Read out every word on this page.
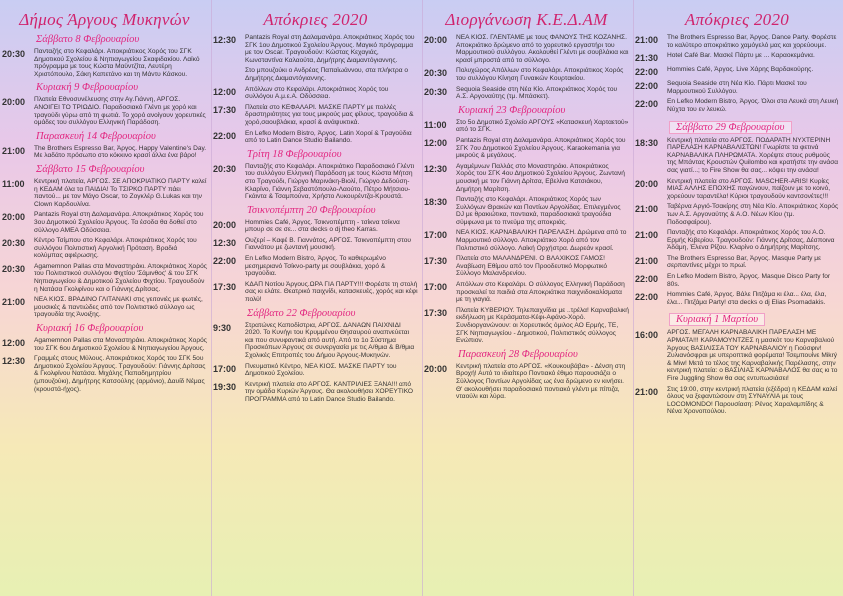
Δήμος Άργους Μυκηνών
Σάββατο 8 Φεβρουαρίου
20:30	Πανταζής στο Κεφαλάρι. Αποκριάτικος Χορός του ΣΓΚ Δημοτικού Σχολείου & Νηπιαγωγείου Σκαφιδακίου. Λαϊκό πρόγραμμα με τους Κώστα Μαϋντζίτα, Λευτέρη Χριστόπουλο, Σάκη Καπετάνο και τη Μάντυ Κάσκου.
Κυριακή 9 Φεβρουαρίου
20:00	Πλατεία Εθνοσυνέλευσης στην Αγ.Γιάννη, ΑΡΓΟΣ. ΑΝΟΙΓΕΙ ΤΟ ΤΡΙΩΔΙΟ. Παραδοσιακό Γλέντι με χορό και τραγούδι γύρω από τη φωτιά. Το χορό ανοίγουν χορευτικές ομάδες του συλλόγου Ελληνική Παράδοση.
Παρασκευή 14 Φεβρουαρίου
21:00	The Brothers Espresso Bar, Άργος. Happy Valentine's Day. Με λαδάτο πρόσωπο στο κόκκινο κρασί άλλα ένα βάρο!
Σάββατο 15 Φεβρουαρίου
11:00	Κεντρική πλατεία, ΑΡΓΟΣ. ΣΕ ΑΠΟΚΡΙΑΤΙΚΟ ΠΑΡΤΥ καλεί η ΚΕΔΑΜ όλα τα ΠΑΙΔΙΑ! Το ΤΣΙΡΚΟ ΠΑΡΤΥ πάει παντού... με τον Μάγο Oscar, το Ζογκλέρ G.Lukas και την Clown Καρδουλίνα.
20:00	Pantazis Royal στη Δαλαμανάρα. Αποκριάτικος Χορός του 3ου Δημοτικού Σχολείου Άργους. Τα έσοδα θα δοθεί στο σύλλογο ΑΜΕΑ Οδύσσεια.
20:30	Κέντρο Τσίμπου στο Κεφαλάρι. Αποκριάτικος Χορός του συλλόγου Πολιτιστική Αργολική Πρόταση. Βραδιά κολύμπας αφιέρωσης.
20:30	Agamemnon Pallas στα Μοναστηράκι. Αποκριάτικος Χορός του Πολιτιστικού συλλόγου Φιχτίου 'Σάμινθος' & του ΣΓΚ Νηπιαγωγείου & Δημοτικού Σχολείου Φιχτίου. Τραγουδούν η Νατάσα Γκολφίνου και ο Γιάννης Δρίτσας.
21:00	ΝΕΑ ΚΙΟΣ. ΒΡΑΔΙΝΟ ΓΛΙΤΑΝΑΚΙ στις γειτονιές με φωτιές, μουσικές & παντιώδες από τον Πολιτιστικό σύλλογο ως τραγουδία της Άνοιξης.
Κυριακή 16 Φεβρουαρίου
12:00	Agamemnon Pallas στα Μοναστηράκι. Αποκριάτικος Χορός του ΣΓΚ 6ου Δημοτικού Σχολείου & Νηπιαγωγείου Άργους.
12:30	Γραμμές στους Μύλους. Αποκριάτικος Χορός του ΣΓΚ 5ου Δημοτικού Σχολείου Άργους. Τραγουδούν: Γιάννης Δρίτσας & Γκολφίνου Νατάσα. Μιχάλης Παπαδημητρίου (μπουζούκι), Δημήτρης Κατσούλης (αρμόνιο), Δαυίδ Νέμας (κρουστά-ήχος).
Απόκριες 2020
12:30	Pantazis Royal στη Δαλαμανάρα. Αποκριάτικος Χορός του ΣΓΚ 1ου Δημοτικού Σχολείου Άργους. Μαγικό πρόγραμμα με τον Oscar. Τραγουδούν: Κώστας Κεχαγιάς, Κωνσταντίνα Καλαούτα, Δημήτρης Διαμαντόγιαννης.
Στο μπουζούκι ο Ανδρέας Παπαϊωάννου, στα πλήκτρα ο Δημήτρης Διαμαντόγιαννης.
12:00	Απόλλων στο Κεφαλάρι. Αποκριάτικος Χορός του συλλόγου Α.μ.ε.Α. Οδύσσεια.
17:30	Πλατεία στο ΚΕΦΑΛΑΡΙ. ΜΑΣΚΕ ΠΑΡΤΥ με πολλές δραστηριότητες για τους μικρούς μας φίλους, τραγούδια & χορό,σαουβλάκια, κρασί & ανάψυκτικά.
22:00	En Lefko Modern Bistro, Άργος. Latin Χοροί & Τραγούδια από το Latin Dance Studio Bailando.
Τρίτη 18 Φεβρουαρίου
20:30	Πανταζής στο Κεφαλάρι. Αποκριάτικο Παραδοσιακό Γλέντι του συλλόγου Ελληνική Παράδοση με τους Κώστα Μήτση στο Τραγούδι, Γιώργο Μαρινάκη-Βιολί, Γιώργο Δεδούση-Κλαρίνο, Γιάννη Σεβαστόπουλο-Λαούτο, Πέτρο Μήτσιου-Γκάιντα & Τσαμπούνα, Χρήστο Λυκουρέντζα-Κρουστά.
Τσικνοπέμπτη 20 Φεβρουαρίου
20:00	Hommies Café, Άργος. Τσικνοπέμπτη - τσίκνα τσίκνα μπουρ σε σε σε... στα decks ο dj theo Karras.
12:30	Ουζερί – Καφέ Β. Γιαννάτος, ΑΡΓΟΣ. Τσικνοπέμπτη στου Γιαννάτου με ζωντανή μουσική.
22:00	En Lefko Modern Bistro, Άργος. Το καθιερωμένο μεσημεριανό Τσίκνο-party με σουβλάκια, χορό & τραγούδια.
17:30	ΚΔΑΠ Νοτίου Άργους.ΩΡΑ ΓΙΑ ΠΑΡΤΥ!!! Φορέστε τη στολή σας κι ελάτε. Θεατρικό παιχνίδι, κατασκευές, χορός και κέφι πολύ!
Σάββατο 22 Φεβρουαρίου
9:30	Στρατώνες Καποδίστρια, ΑΡΓΟΣ. ΔΑΝΑΩΝ ΠΑΙΧΝΙΔΙ 2020. Το Κυνήγι του Κρυμμένου Θησαυρού αναπνεύεται και που συνυφαντικά από αυτή. Από το 1ο Σύστημα Προσκόπων Άργους σε συνεργασία με τις Α/θμια & Β/θμια Σχολικές Επιτροπές του Δήμου Άργους-Μυκηνών.
17:00	Πνευματικό Κέντρο, ΝΕΑ ΚΙΟΣ. ΜΑΣΚΕ ΠΑΡΤΥ του Δημοτικού Σχολείου.
19:30	Κεντρική πλατεία στο ΑΡΓΟΣ. ΚΑΝΤΡΙΛΙΕΣ ΞΑΝΑ!!! από την ομάδα Κυριών Άργους. Θα ακολουθήσει ΧΟΡΕΥΤΙΚΟ ΠΡΟΓΡΑΜΜΑ από το Latin Dance Studio Bailando.
Διοργάνωση Κ.Ε.Δ.ΑΜ
20:00	ΝΕΑ ΚΙΟΣ. ΓΛΕΝΤΑΜΕ με τους ΦΑΝΟΥΣ ΤΗΣ ΚΟΖΑΝΗΣ. Αποκριάτικο δρώμενο από το χορευτικό εργαστήρι του Μαρμουτικού συλλόγου. Ακολουθεί Γλέντι με σουβλάκια και κρασί μπροστά από το σύλλογο.
20:30	Πολυχώρος Απόλλων στο Κεφαλάρι. Αποκριάτικος Χορός του συλλόγου Κίνηση Γυναικών Κουρτακίου.
20:30	Sequoia Seaside στη Νέα Κίο. Αποκριάτικος Χορός του Α.Σ. Αργοναύτης (τμ. Μπάσκετ).
Κυριακή 23 Φεβρουαρίου
11:00	Στο 5ο Δημοτικό Σχολείο ΑΡΓΟΥΣ «Κατασκευή Χαρταετού» από το ΣΓΚ.
12:00	Pantazis Royal στη Δαλαμανάρα. Αποκριάτικος Χορός του ΣΓΚ 7ου Δημοτικού Σχολείου Άργους. Karaokemania για μικρούς & μεγάλους.
12:30	Αγαμέμνων Παλλάς στο Μοναστηράκι. Αποκριάτικος Χορός του ΣΓΚ 4ου Δημοτικού Σχολείου Άργους. Ζωντανή μουσική με τον Γιάννη Δρίτσα, Εβελίνα Κατσιάκου, Δημήτρη Μαρίτση.
18:30	Πανταζής στο Κεφαλάρι. Αποκριάτικος Χορός των Συλλόγων Θρακών και Ποντίων Αργολίδας. Επιλεγμένος DJ με θρακιώτικα, ποντιακά, παραδοσιακά τραγούδια σύμφωνα με το πνεύμα της αποκριάς.
17:00	ΝΕΑ ΚΙΟΣ. ΚΑΡΝΑΒΑΛΙΚΗ ΠΑΡΕΛΑΣΗ. Δρώμενα από το Μαρμουτικό σύλλογο. Αποκριάτικο Χορό από τον Πολιτιστικό σύλλογο. Λαϊκή Ορχήστρα. Δωρεάν κρασί.
17:30	Πλατεία στο ΜΑΛΑΝΔΡΕΝΙ. Ο ΒΛΑΧΙΚΟΣ ΓΑΜΟΣ! Αναβίωση Εθίμου από τον Προοδευτικό Μορφωτικό Σύλλογο Μαλανδρενίου.
17:00	Απόλλων στο Κεφαλάρι. Ο σύλλογος Ελληνική Παράδοση προσκαλεί τα παιδιά στα Αποκριάτικα παιχνιδοκαλίσματα με τη γιαγιά.
17:30	Πλατεία ΚΥΒΕΡΙΟΥ. Τηλεπαιχνίδια με ..τρέλα! Καρναβαλική εκδήλωση με Κεράσματα-Κέφι-Αφάνο-Χορό. Συνδιοργανώνουν: οι Χορευτικός όμιλος ΑΟ Ερμής, ΤΕ, ΣΓΚ Νηπιαγωγείου - Δημοτικού, Πολιτιστικός σύλλογος Ενώπιον.
Παρασκευή 28 Φεβρουαρίου
20:00	Κεντρική πλατεία στο ΑΡΓΟΣ. «Κουκουβάβα» - Δένση στη Βροχή! Αυτό το ιδιαίτερο Ποντιακό έθιμο παρουσιάζει ο Σύλλογος Ποντίων Αργολίδας ως ένα δρώμενο εν κινήσει. Θ' ακολουθήσει παραδοσιακό ποντιακό γλέντι με πίπιζα, νταούλι και λύρα.
Απόκριες 2020
21:00	The Brothers Espresso Bar, Άργος. Dance Party. Φορέστε το καλύτερο αποκριάτικο χαμόγελό μας και χορεύουμε.
21:30	Hotel Café Bar. Μασκέ Πάρτυ με ... Καραοκεμάνια.
22:00	Hommies Café, Άργος. Live Χάρης Βαρδακούρης.
22:00	Sequoia Seaside στη Νέα Κίο. Πάρτι Μασκέ του Μαρμουτικού Συλλόγου.
22:00	En Lefko Modern Bistro, Άργος. Όλοι στα Λευκά στη Λευκή Νύχτα του εν λευκώ.
Σάββατο 29 Φεβρουαρίου
18:30	Κεντρική πλατεία στο ΑΡΓΟΣ. ΠΟΔΑΡΑΤΗ ΝΥΧΤΕΡΙΝΗ ΠΑΡΕΛΑΣΗ ΚΑΡΝΑΒΑΛΙΣΤΩΝ! Γνωρίστε τα φετινά ΚΑΡΝΑΒΑΛΙΚΑ ΠΛΗΡΩΜΑΤΑ. Χορέψτε στους ρυθμούς της Μπάντας Κρουστών Quilombo και κρατήστε την ανάσα σας γιατί...; το Fire Show θα σας... κόψει την ανάσα!
20:00	Κεντρική πλατεία στο ΑΡΓΟΣ. MASCHER-ARIS! Κυρίες ΜΙΑΣ ΑΛΛΗΣ ΕΠΟΧΗΣ παγώνουν, παίζουν με το κοινό, χορεύουν ταραντέλα! Κύριοι τραγουδούν καντσονέτες!!!
21:00	Ταβέρνα Αργιό-Τσακίρης στη Νέα Κίο. Αποκριάτικος Χορός των Α.Σ. Αργοναύτης & Α.Ο. Νέων Κίου (τμ. Ποδοσφαίρου).
21:00	Πανταζής στο Κεφαλάρι. Αποκριάτικος Χορός του Α.Ο. Ερμής Κιβερίου. Τραγουδούν: Γιάννης Δρίτσας, Δέσποινα Άδάμη, Έλενα Ρίζου. Κλαρίνο ο Δημήτρης Μαρίτσης.
21:00	The Brothers Espresso Bar, Άργος. Masque Party με σερπαντίνες μέχρι το πρωί.
22:00	En Lefko Modern Bistro, Άργος. Masque Disco Party for 80s.
22:00	Hommies Café, Άργος. Βάλε Πιτζάμα κι έλα... έλα, έλα, έλα... Πιτζάμα Party! στα decks ο dj Elias Psomadakis.
Κυριακή 1 Μαρτίου
16:00	ΑΡΓΟΣ. ΜΕΓΑΛΗ ΚΑΡΝΑΒΑΛΙΚΗ ΠΑΡΕΛΑΣΗ ΜΕ ΑΡΜΑΤΑ!!! ΚΑΡΑΜΟΥΝΤΖΕΣ η μασκότ του Καρναβαλιού Άργους ΒΑΣΙΛΙΣΣΑ ΤΟΥ ΚΑΡΝΑΒΑΛΙΟΥ η Γιούσφιν! Ζυλιανόσφραι με υπεροπτικά φορέματα! Τσεμπουίνε Mikrý & Miw! Μετά το τέλος της Καρναβαλικής Παρέλασης, στην κεντρική πλατεία: ο ΒΑΣΙΛΙΑΣ ΚΑΡΝΑΒΑΛΟΣ θα σας κι το Fire Juggling Show θα σας εντυπωσιάσει!
21:00	Στις 19:00, στην κεντρική πλατεία (εξέδρα) η ΚΕΔΑΜ καλεί όλους να ξεφαντώσουν στη ΣΥΝΑΥΛΙΑ με τους LOCOMONDO! Παρουσίαση: Ρένος Χαραλαμπίδης & Νένα Χρονοπούλου.
